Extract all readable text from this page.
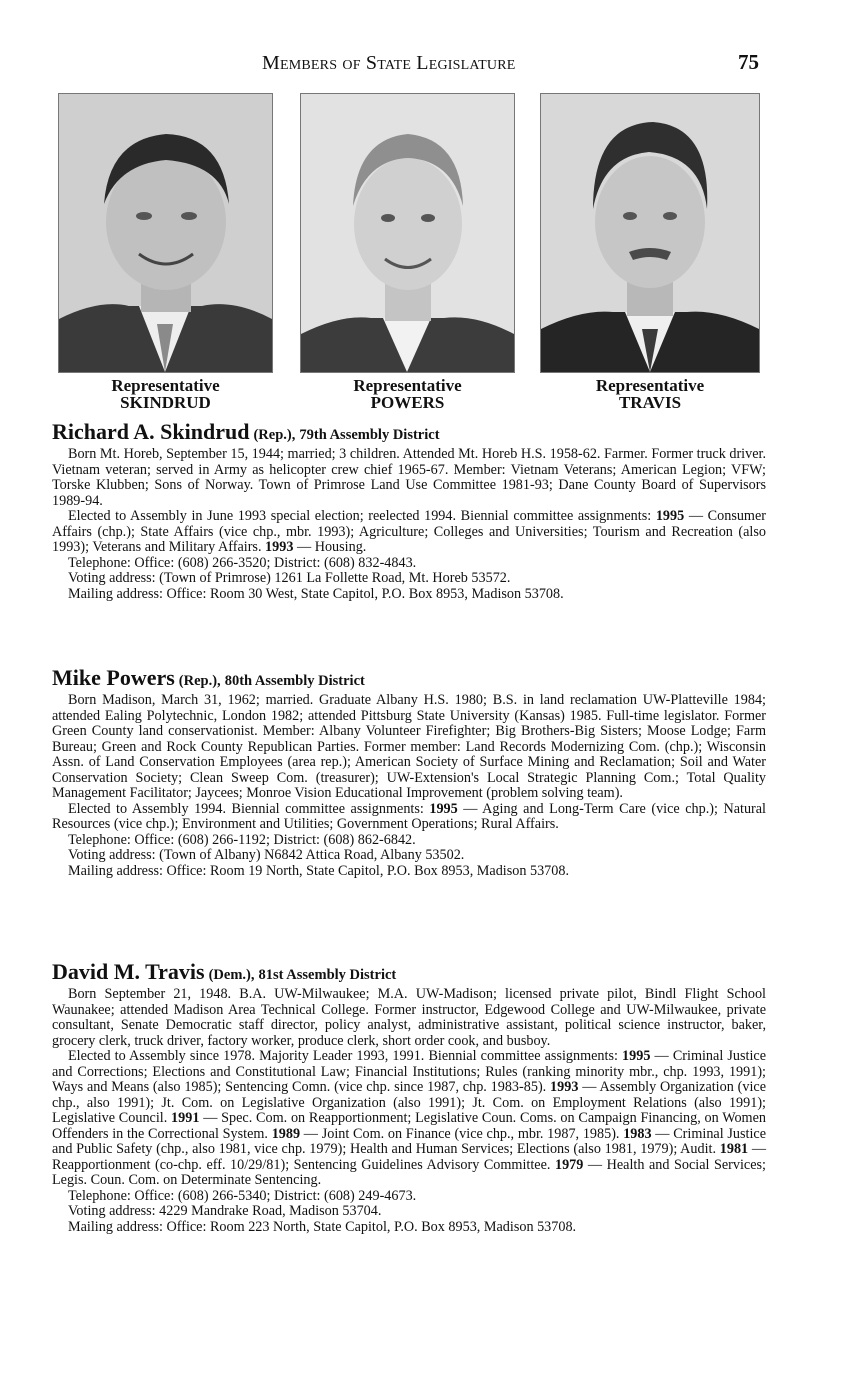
Members of State Legislature	75
Representative
SKINDRUD
Representative
POWERS
Representative
TRAVIS

Richard A. Skindrud (Rep.), 79th Assembly District

Born Mt. Horeb, September 15, 1944; married; 3 children. Attended Mt. Horeb H.S. 1958-62. Farmer. Former truck driver. Vietnam veteran; served in Army as helicopter crew chief 1965-67. Member: Vietnam Veterans; American Legion; VFW; Torske Klubben; Sons of Norway. Town of Primrose Land Use Committee 1981-93; Dane County Board of Supervisors 1989-94.

Elected to Assembly in June 1993 special election; reelected 1994. Biennial committee assignments: 1995 — Consumer Affairs (chp.); State Affairs (vice chp., mbr. 1993); Agriculture; Colleges and Universities; Tourism and Recreation (also 1993); Veterans and Military Affairs. 1993 — Housing.

Telephone: Office: (608) 266-3520; District: (608) 832-4843.

Voting address: (Town of Primrose) 1261 La Follette Road, Mt. Horeb 53572.

Mailing address: Office: Room 30 West, State Capitol, P.O. Box 8953, Madison 53708.

Mike Powers (Rep.), 80th Assembly District

Born Madison, March 31, 1962; married. Graduate Albany H.S. 1980; B.S. in land reclamation UW-Platteville 1984; attended Ealing Polytechnic, London 1982; attended Pittsburg State University (Kansas) 1985. Full-time legislator. Former Green County land conservationist. Member: Albany Volunteer Firefighter; Big Brothers-Big Sisters; Moose Lodge; Farm Bureau; Green and Rock County Republican Parties. Former member: Land Records Modernizing Com. (chp.); Wisconsin Assn. of Land Conservation Employees (area rep.); American Society of Surface Mining and Reclamation; Soil and Water Conservation Society; Clean Sweep Com. (treasurer); UW-Extension's Local Strategic Planning Com.; Total Quality Management Facilitator; Jaycees; Monroe Vision Educational Improvement (problem solving team).

Elected to Assembly 1994. Biennial committee assignments: 1995 — Aging and Long-Term Care (vice chp.); Natural Resources (vice chp.); Environment and Utilities; Government Operations; Rural Affairs.

Telephone: Office: (608) 266-1192; District: (608) 862-6842.

Voting address: (Town of Albany) N6842 Attica Road, Albany 53502.

Mailing address: Office: Room 19 North, State Capitol, P.O. Box 8953, Madison 53708.

David M. Travis (Dem.), 81st Assembly District

Born September 21, 1948. B.A. UW-Milwaukee; M.A. UW-Madison; licensed private pilot, Bindl Flight School Waunakee; attended Madison Area Technical College. Former instructor, Edgewood College and UW-Milwaukee, private consultant, Senate Democratic staff director, policy analyst, administrative assistant, political science instructor, baker, grocery clerk, truck driver, factory worker, produce clerk, short order cook, and busboy.

Elected to Assembly since 1978. Majority Leader 1993, 1991. Biennial committee assignments: 1995 — Criminal Justice and Corrections; Elections and Constitutional Law; Financial Institutions; Rules (ranking minority mbr., chp. 1993, 1991); Ways and Means (also 1985); Sentencing Comn. (vice chp. since 1987, chp. 1983-85). 1993 — Assembly Organization (vice chp., also 1991); Jt. Com. on Legislative Organization (also 1991); Jt. Com. on Employment Relations (also 1991); Legislative Council. 1991 — Spec. Com. on Reapportionment; Legislative Coun. Coms. on Campaign Financing, on Women Offenders in the Correctional System. 1989 — Joint Com. on Finance (vice chp., mbr. 1987, 1985). 1983 — Criminal Justice and Public Safety (chp., also 1981, vice chp. 1979); Health and Human Services; Elections (also 1981, 1979); Audit. 1981 — Reapportionment (co-chp. eff. 10/29/81); Sentencing Guidelines Advisory Committee. 1979 — Health and Social Services; Legis. Coun. Com. on Determinate Sentencing.

Telephone: Office: (608) 266-5340; District: (608) 249-4673.

Voting address: 4229 Mandrake Road, Madison 53704.

Mailing address: Office: Room 223 North, State Capitol, P.O. Box 8953, Madison 53708.
